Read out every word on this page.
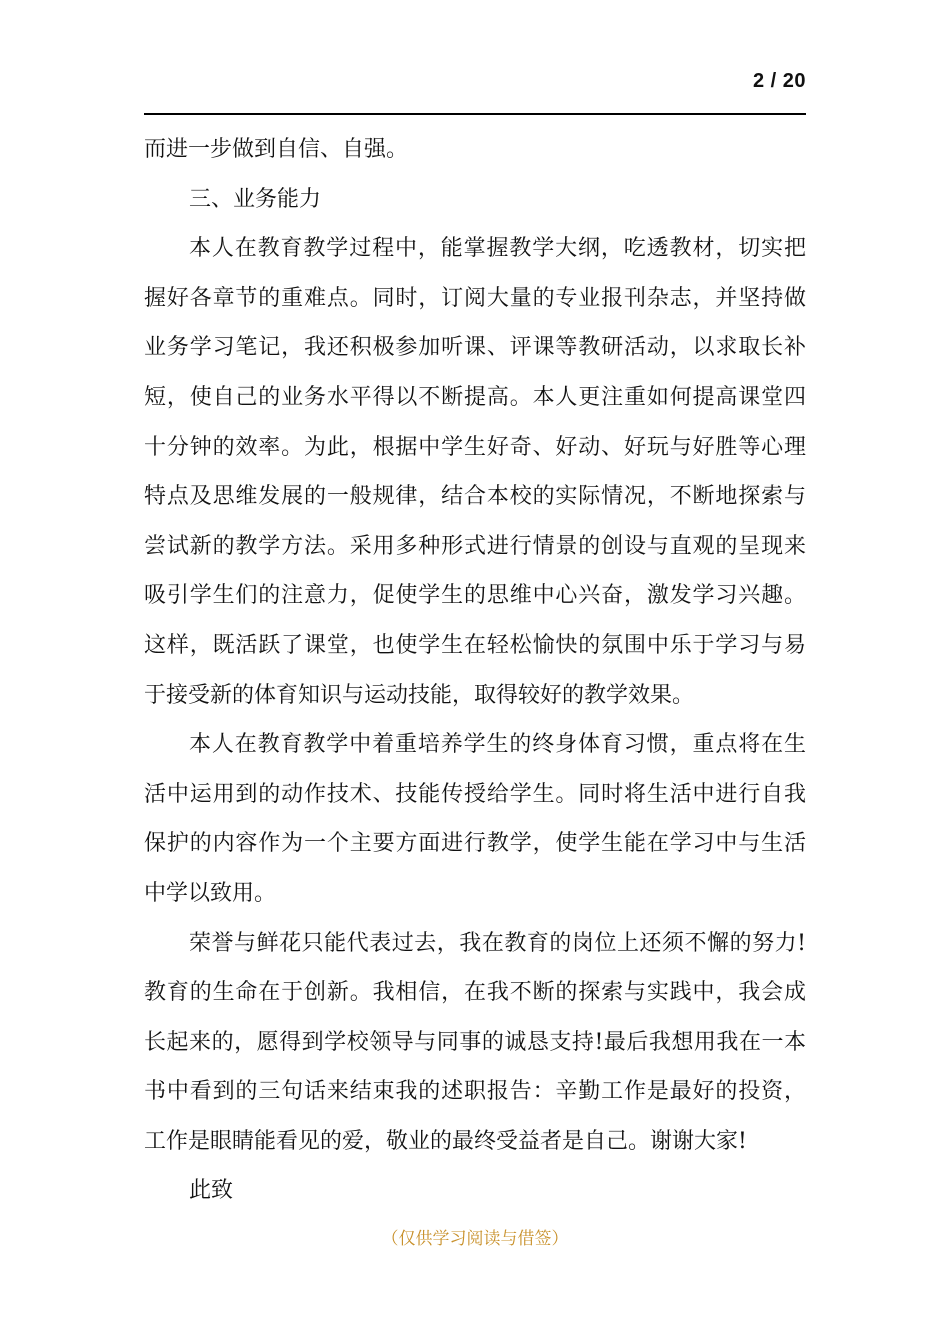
2 / 20
而进一步做到自信、自强。
三、业务能力
本人在教育教学过程中，能掌握教学大纲，吃透教材，切实把
握好各章节的重难点。同时，订阅大量的专业报刊杂志，并坚持做
业务学习笔记，我还积极参加听课、评课等教研活动，以求取长补
短，使自己的业务水平得以不断提高。本人更注重如何提高课堂四
十分钟的效率。为此，根据中学生好奇、好动、好玩与好胜等心理
特点及思维发展的一般规律，结合本校的实际情况，不断地探索与
尝试新的教学方法。采用多种形式进行情景的创设与直观的呈现来
吸引学生们的注意力，促使学生的思维中心兴奋，激发学习兴趣。
这样，既活跃了课堂，也使学生在轻松愉快的氛围中乐于学习与易
于接受新的体育知识与运动技能，取得较好的教学效果。
本人在教育教学中着重培养学生的终身体育习惯，重点将在生
活中运用到的动作技术、技能传授给学生。同时将生活中进行自我
保护的内容作为一个主要方面进行教学，使学生能在学习中与生活
中学以致用。
荣誉与鲜花只能代表过去，我在教育的岗位上还须不懈的努力!
教育的生命在于创新。我相信，在我不断的探索与实践中，我会成
长起来的，愿得到学校领导与同事的诚恳支持!最后我想用我在一本
书中看到的三句话来结束我的述职报告：辛勤工作是最好的投资，
工作是眼睛能看见的爱，敬业的最终受益者是自己。谢谢大家!
此致
（仅供学习阅读与借签）
